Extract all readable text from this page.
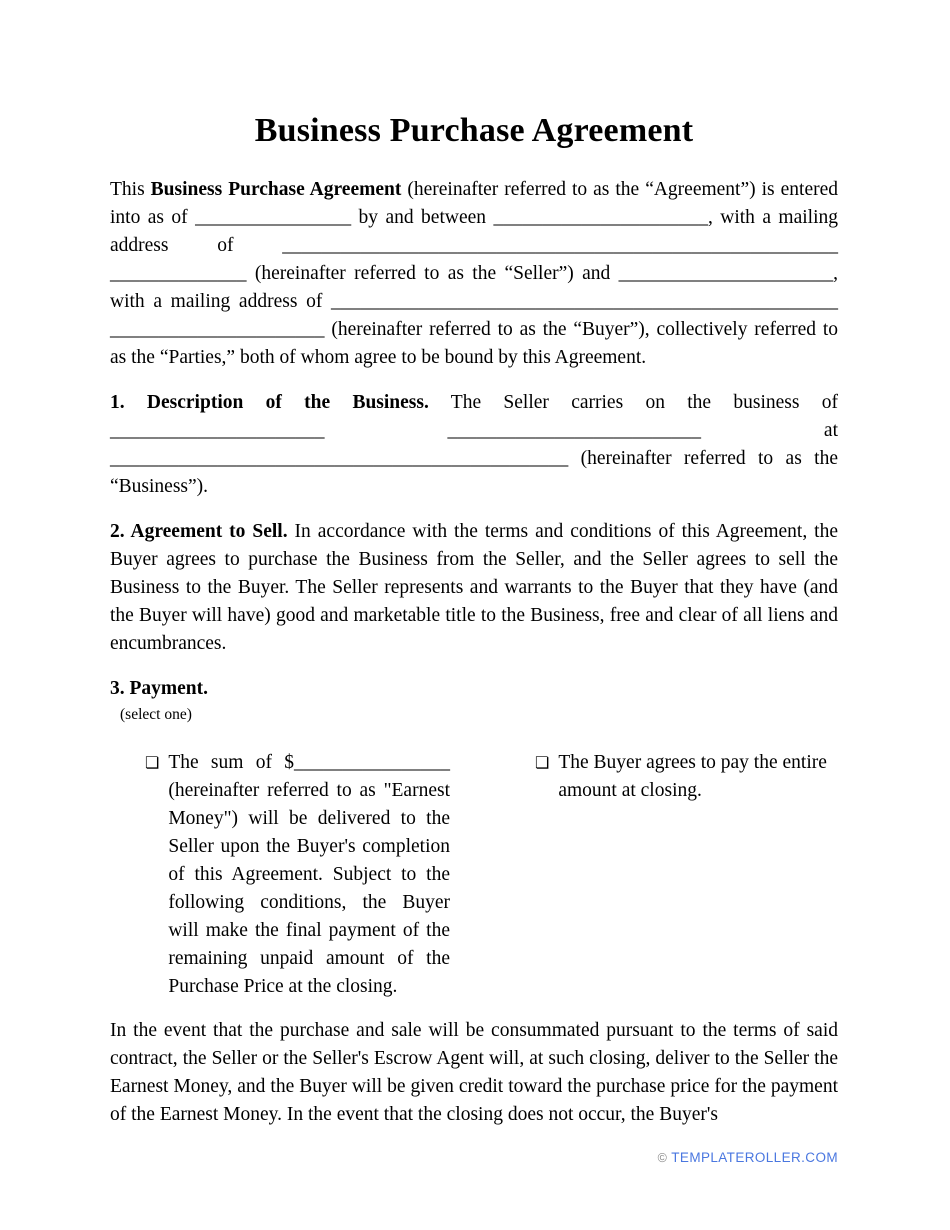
Business Purchase Agreement

This Business Purchase Agreement (hereinafter referred to as the “Agreement”) is entered into as of ________________ by and between ______________________, with a mailing address of _________________________________________________________ ______________ (hereinafter referred to as the “Seller”) and ______________________, with a mailing address of ____________________________________________________ ______________________ (hereinafter referred to as the “Buyer”), collectively referred to as the “Parties,” both of whom agree to be bound by this Agreement.

1. Description of the Business. The Seller carries on the business of ______________________ __________________________ at _______________________________________________ (hereinafter referred to as the “Business”).

2. Agreement to Sell. In accordance with the terms and conditions of this Agreement, the Buyer agrees to purchase the Business from the Seller, and the Seller agrees to sell the Business to the Buyer. The Seller represents and warrants to the Buyer that they have (and the Buyer will have) good and marketable title to the Business, free and clear of all liens and encumbrances.

3. Payment.
(select one)
❏ The sum of $________________ (hereinafter referred to as "Earnest Money") will be delivered to the Seller upon the Buyer's completion of this Agreement. Subject to the following conditions, the Buyer will make the final payment of the remaining unpaid amount of the Purchase Price at the closing.
❏ The Buyer agrees to pay the entire amount at closing.

In the event that the purchase and sale will be consummated pursuant to the terms of said contract, the Seller or the Seller's Escrow Agent will, at such closing, deliver to the Seller the Earnest Money, and the Buyer will be given credit toward the purchase price for the payment of the Earnest Money. In the event that the closing does not occur, the Buyer's

© TEMPLATEROLLER.COM
